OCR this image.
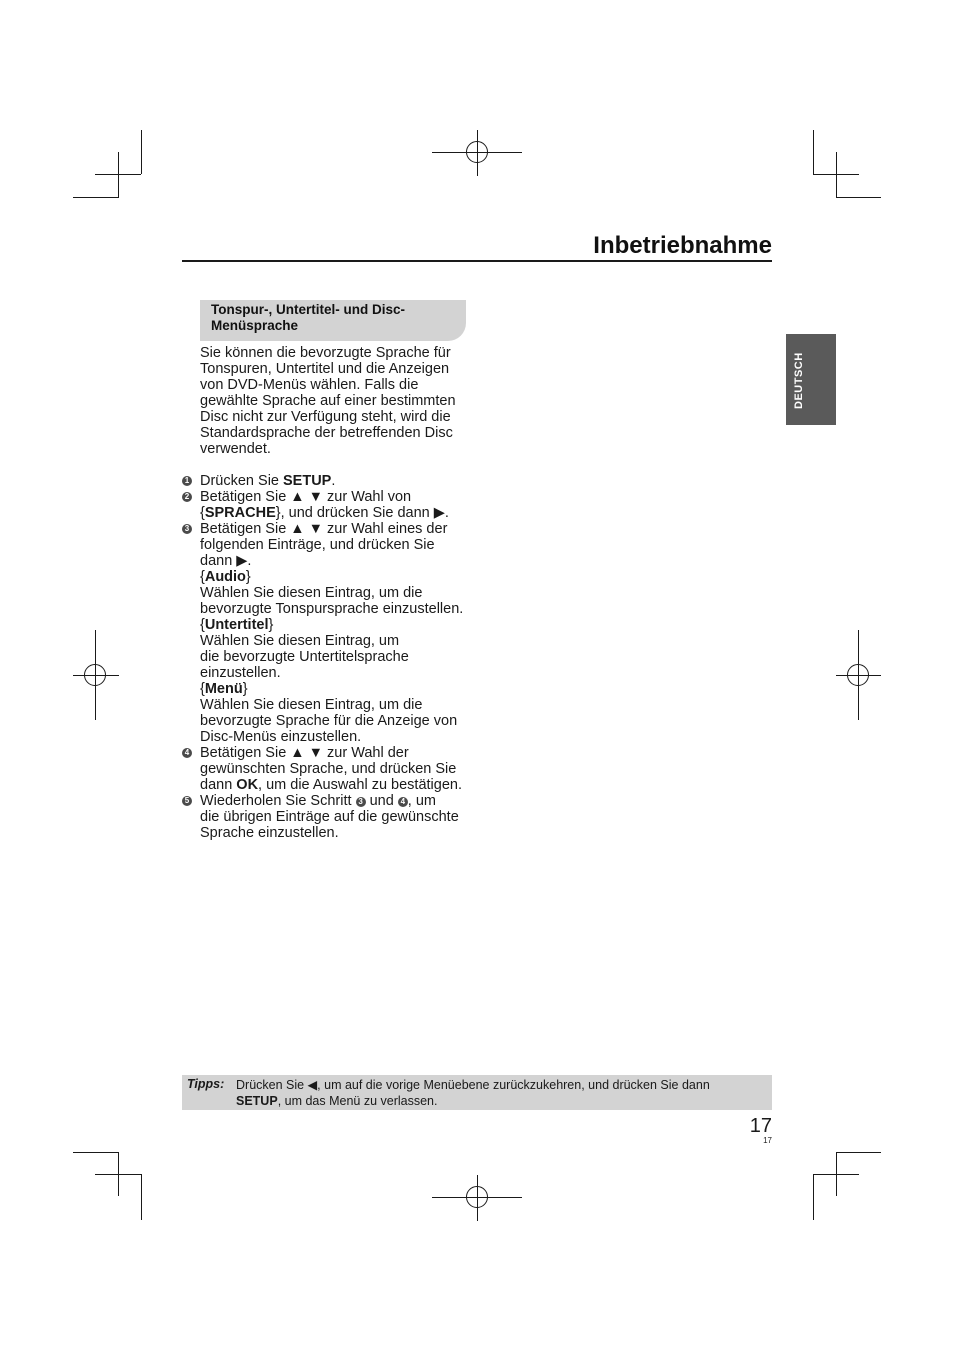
Inbetriebnahme
DEUTSCH
Tonspur-, Untertitel- und Disc-
Menüsprache
Sie können die bevorzugte Sprache für
Tonspuren, Untertitel und die Anzeigen
von DVD-Menüs wählen. Falls die
gewählte Sprache auf einer bestimmten
Disc nicht zur Verfügung steht, wird die
Standardsprache der betreffenden Disc
verwendet.
1 Drücken Sie SETUP.
2 Betätigen Sie ▲ ▼ zur Wahl von
{SPRACHE}, und drücken Sie dann ▶.
3 Betätigen Sie ▲ ▼ zur Wahl eines der
folgenden Einträge, und drücken Sie
dann ▶.
{Audio}
Wählen Sie diesen Eintrag, um die
bevorzugte Tonspursprache einzustellen.
{Untertitel}
Wählen Sie diesen Eintrag, um
die bevorzugte Untertitelsprache
einzustellen.
{Menü}
Wählen Sie diesen Eintrag, um die
bevorzugte Sprache für die Anzeige von
Disc-Menüs einzustellen.
4 Betätigen Sie ▲ ▼ zur Wahl der
gewünschten Sprache, und drücken Sie
dann OK, um die Auswahl zu bestätigen.
5 Wiederholen Sie Schritt 3 und 4 , um
die übrigen Einträge auf die gewünschte
Sprache einzustellen.
Tipps: Drücken Sie ◀, um auf die vorige Menüebene zurückzukehren, und drücken Sie dann
SETUP, um das Menü zu verlassen.
17
17
